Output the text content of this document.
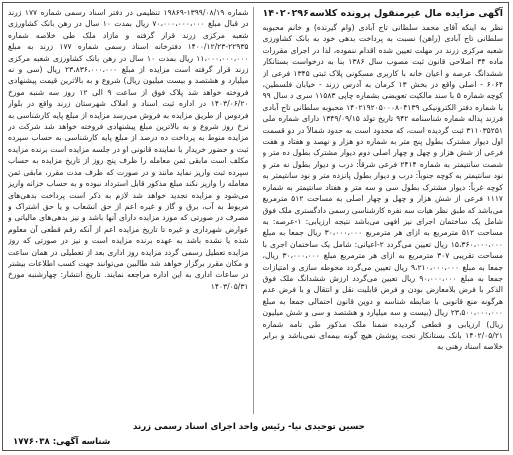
آگهی مزایده مال غیرمنقول پرونده کلاسه
۱۴۰۲۰۲۹۶

نظر به اینکه آقای محمد سلطانی تاج آبادی (وام گیرنده) و خانم محبوبه سلطانی تاج آبادی (راهن) نسبت به پرداخت بدهی خود به بانک کشاورزی شعبه مرکزی زرند در مهلت تعیین شده اقدام ننموده، لذا در اجرای مقررات ماده ۳۴ اصلاحی قانون ثبت مصوب سال ۱۳۸۶ بنا به درخواست بستانکار ششدانگ عرصه و اعیان خانه با کاربری مسکونی پلاک ثبتی ۱۳۴۵ فرعی از ۶۰۶۴ - اصلی واقع در بخش ۱۳ کرمان به آدرس زرند - خیابان فلسطین، کوچه شماره ۵ با سند مالکیت تعویضی بشماره چاپی ۱۱۵۸۳ سری د سال ۹۹ با شماره دفتر الکترونیکی ۱۴۰۲۱۹۲۰۵۰۰۰۸۰۴۱۳۹ محبوبه سلطانی تاج آبادی فرزند پداله شماره شناسنامه ۹۴۲ تاریخ تولد ۱۳۴۹/۰۹/۱۵ دارای شماره ملی ۳۱۱۰۳۵۲۵۱ ثبت گردیده است، که محدود است به حدود شمالاً در دو قسمت اول دیوار مشترک بطول پنج متر به شماره دو هزار و نهصد و هفتاد و هفت فرعی از شش هزار و چهل و چهار اصلی دوم دیوار مشترک بطول ده متر و شصت سانتیمتر به شماره ۲۴۱۴ فرعی شرقاً: درب و دیوار بطول نه متر و نود سانتیمتر به کوچه جنوباً: درب و دیوار بطول پانزده متر و نود سانتیمتر به کوچه غرباً: دیوار مشترک بطول سی و سه متر و هفتاد سانتیمتر به شماره ۱۱۱۷ فرعی از شش هزار و چهل و چهار اصلی به مساحت ۵۱۲ مترمربع می‌باشد که طبق نظر هیات سه نفره کارشناسی رسمی دادگستری ملک فوق شامل یک ساختمان اجرای نیز افهی می‌باشد نتیجه ارزیابی: ۱-عرصه: به مساحت ۵۱۲ مترمربع به ازای هر مترمربع ۳۰،۰۰۰،۰۰۰ ریال جمعا به مبلغ ۱۵،۳۶۰،۰۰۰،۰۰۰ ریال تعیین می‌گردد ۲-اعیانی: شامل یک ساختمان اجری با مساحت تقریبی ۳۰۷ مترمربع به ازای هر مترمربع مبلغ ۳۰،۰۰۰،۰۰۰ ریال، جمعا به مبلغ ۹،۲۱۰،۰۰۰،۰۰۰ ریال تعیین می‌گردد محوطه سازی و امتیازات جمعا به مبلغ ۹۰،۰۰۰،۰۰۰ ریال تعیین می‌گردد ارزش ششدانگ ملک فوق الذکر با فرض بلامعارض بودن و فرض قابلیت نقل و انتقال و با فرض عدم هرگونه منع قانونی با ضابطه شناسه و دوین قانون احتمالی جمعا به مبلغ ۲۳،۵۰۰،۰۰۰،۰۰۰ ریال (بیست و سه میلیارد و هشتصد و سی و شش میلیون ریال) ارزیابی و قطعی گردیده ضمنا ملک مذکور طی نامه شماره ۱۴۰۲/۰۵/۲۱ بانک بستانکار تحت پوشش هیچ گونه بیمه‌ای نمی‌باشد و برابر خلاصه اسناد رهنی به

شماره ۱۳۹۹/۰۸/۱۹-۱۹۸۶۹ تنظیمی در دفتر اسناد رسمی شماره ۱۷۷ زرند در قبال مبلغ ۷۰،۰۰۰،۰۰۰،۰۰۰ ریال بمدت ۱۰ سال در رهن بانک کشاورزی شعبه مرکزی زرند قرار گرفته و مازاد ملک طی خلاصه شماره ۲۲۹۳۵-۱۴۰۰/۱۲/۲۳ دفترخانه اسناد رسمی شماره ۱۷۷ زرند به مبلغ ۱۱،۰۰۰،۰۰۰،۰۰۰ ریال بمدت ۱۰ سال در رهن بانک کشاورزی شعبه مرکزی زرند قرار گرفته است مزایده از مبلغ ۲۳،۸۳۶،۰۰۰،۰۰۰ ریال (سی و نه میلیارد و هشتصد و بیست میلیون ریال) شروع و به بالاترین قیمت پیشنهادی فروخته خواهد شد پلاک فوق از ساعت ۹ الی ۱۲ روز سه شنبه مورخ ۱۴۰۳/۰۶/۲۰ در اداره ثبت اسناد و املاک شهرستان زرند واقع در بلوار فردوس از طریق مزایده به فروش می‌رسد مزایده از مبلغ پایه کارشناسی به نرخ روز شروع و به بالاترین مبلغ پیشنهادی فروخته خواهد شد شرکت در مزایده منوط به پرداخت ده درصد از مبلغ پایه کارشناسی به حساب سپرده ثبت و حضور خریدار با نماینده قانونی او در جلسه مزایده است برنده مزایده مکلف است مابقی ثمن معامله را ظرف پنج روز از تاریخ مزایده به حساب سپرده ثبت واریز نماید مانند و در صورت که ظرف مدت مقرر، مابقی ثمن معامله را واریز نکند مبلغ مذکور قابل استرداد نبوده و به حساب خزانه واریز می‌شود و مزایده تجدید خواهد شد لازم به ذکر است پرداخت بدهی‌های مربوط به آب، برق و گاز و غیره اعم از حق انشعاب و یا حق اشتراک و مصرف در صورتی که مورد مزایده دارای آنها باشد و نیز بدهی‌های مالیاتی و عوارض شهرداری و غیره تا تاریخ مزایده اعم از آنکه رقم قطعی آن معلوم شده یا نشده باشد به عهده برنده مزایده است و نیز در صورتی که روز مزایده تعطیل رسمی گردد مزایده روز اداری بعد از تعطیلی در همان ساعت و مکان مقرر برگزار خواهد شد طالبین می‌توانند جهت کسب اطلاعات بیشتر در ساعات اداری به این اداره مراجعه نمایند. تاریخ انتشار: چهارشنبه مورخ ۱۴۰۳/۰۵/۳۱

حسین توحیدی نیا- رئیس واحد اجرای اسناد رسمی زرند
شناسه آگهی: ۱۷۷۶۰۳۸
